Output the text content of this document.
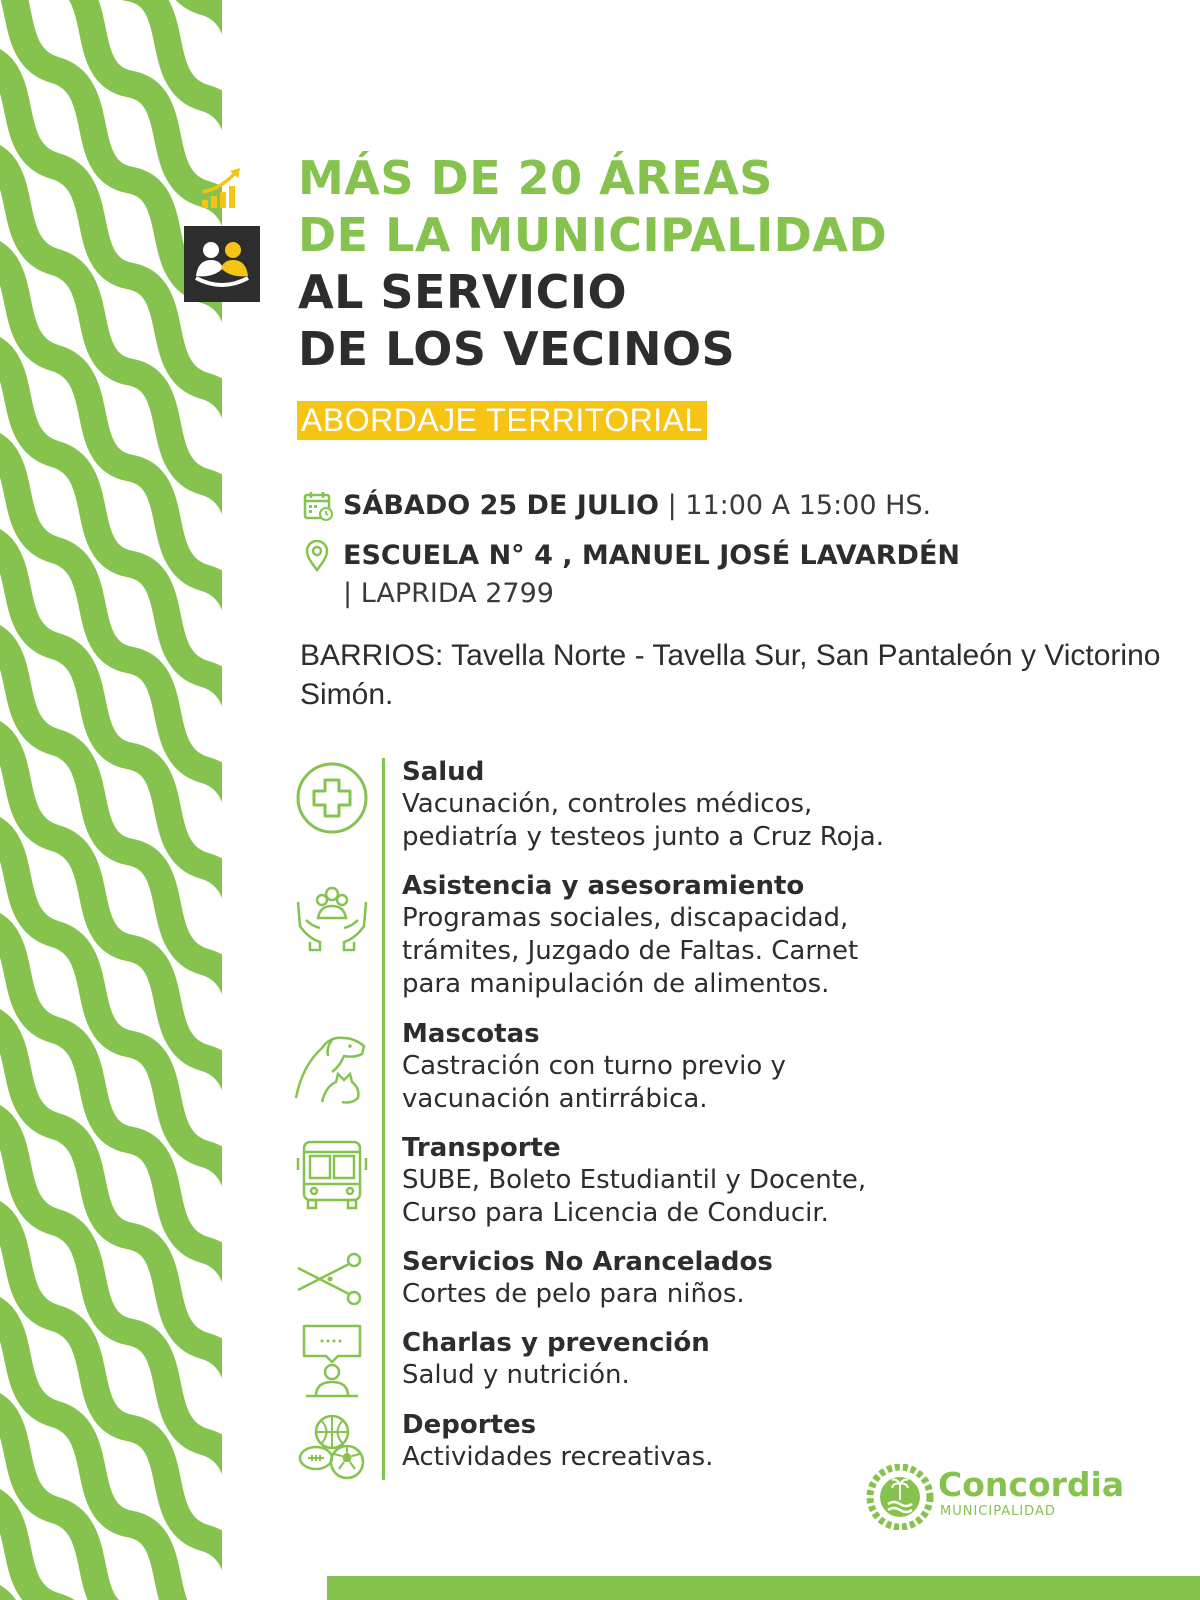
MÁS DE 20 ÁREAS
DE LA MUNICIPALIDAD
AL SERVICIO
DE LOS VECINOS
ABORDAJE TERRITORIAL
SÁBADO 25 DE JULIO | 11:00 A 15:00 HS.
ESCUELA N° 4 , MANUEL JOSÉ LAVARDÉN
| LAPRIDA 2799

BARRIOS: Tavella Norte - Tavella Sur, San Pantaleón y Victorino Simón.

Salud
Vacunación, controles médicos,
pediatría y testeos junto a Cruz Roja.
Asistencia y asesoramiento
Programas sociales, discapacidad,
trámites, Juzgado de Faltas. Carnet
para manipulación de alimentos.
Mascotas
Castración con turno previo y
vacunación antirrábica.
Transporte
SUBE, Boleto Estudiantil y Docente,
Curso para Licencia de Conducir.
Servicios No Arancelados
Cortes de pelo para niños.
Charlas y prevención
Salud y nutrición.
Deportes
Actividades recreativas.
Concordia
MUNICIPALIDAD
